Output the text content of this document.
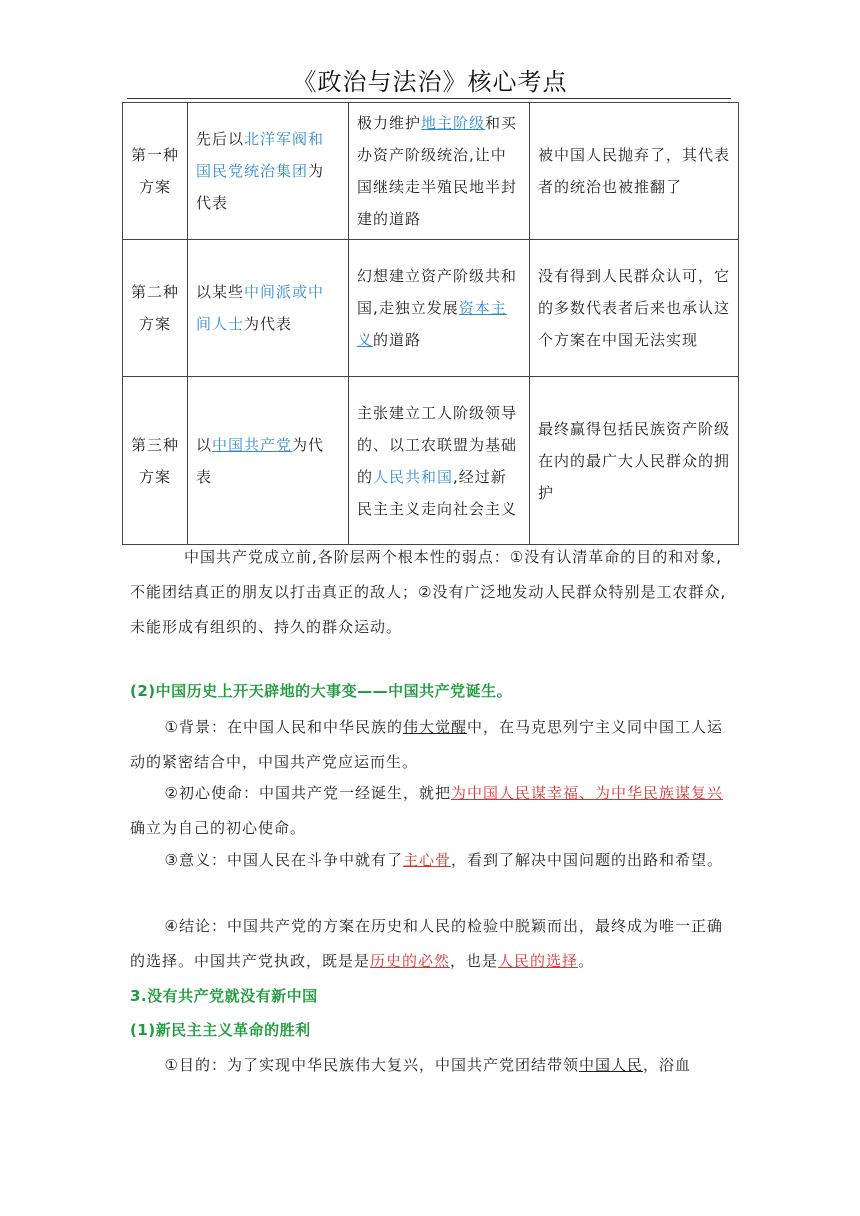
《政治与法治》核心考点
第一种方案	先后以北洋军阀和国民党统治集团为代表	极力维护地主阶级和买办资产阶级统治,让中国继续走半殖民地半封建的道路	被中国人民抛弃了，其代表者的统治也被推翻了
第二种方案	以某些中间派或中间人士为代表	幻想建立资产阶级共和国,走独立发展资本主义的道路	没有得到人民群众认可，它的多数代表者后来也承认这个方案在中国无法实现
第三种方案	以中国共产党为代表	主张建立工人阶级领导的、以工农联盟为基础的人民共和国,经过新民主主义走向社会主义	最终赢得包括民族资产阶级在内的最广大人民群众的拥护

中国共产党成立前,各阶层两个根本性的弱点：①没有认清革命的目的和对象,不能团结真正的朋友以打击真正的敌人；②没有广泛地发动人民群众特别是工农群众,未能形成有组织的、持久的群众运动。

(2)中国历史上开天辟地的大事变——中国共产党诞生。

①背景：在中国人民和中华民族的伟大觉醒中，在马克思列宁主义同中国工人运动的紧密结合中，中国共产党应运而生。

②初心使命：中国共产党一经诞生，就把为中国人民谋幸福、为中华民族谋复兴确立为自己的初心使命。

③意义：中国人民在斗争中就有了主心骨，看到了解决中国问题的出路和希望。

④结论：中国共产党的方案在历史和人民的检验中脱颖而出，最终成为唯一正确的选择。中国共产党执政，既是是历史的必然，也是人民的选择。

3.没有共产党就没有新中国

(1)新民主主义革命的胜利

①目的：为了实现中华民族伟大复兴，中国共产党团结带领中国人民，浴血
